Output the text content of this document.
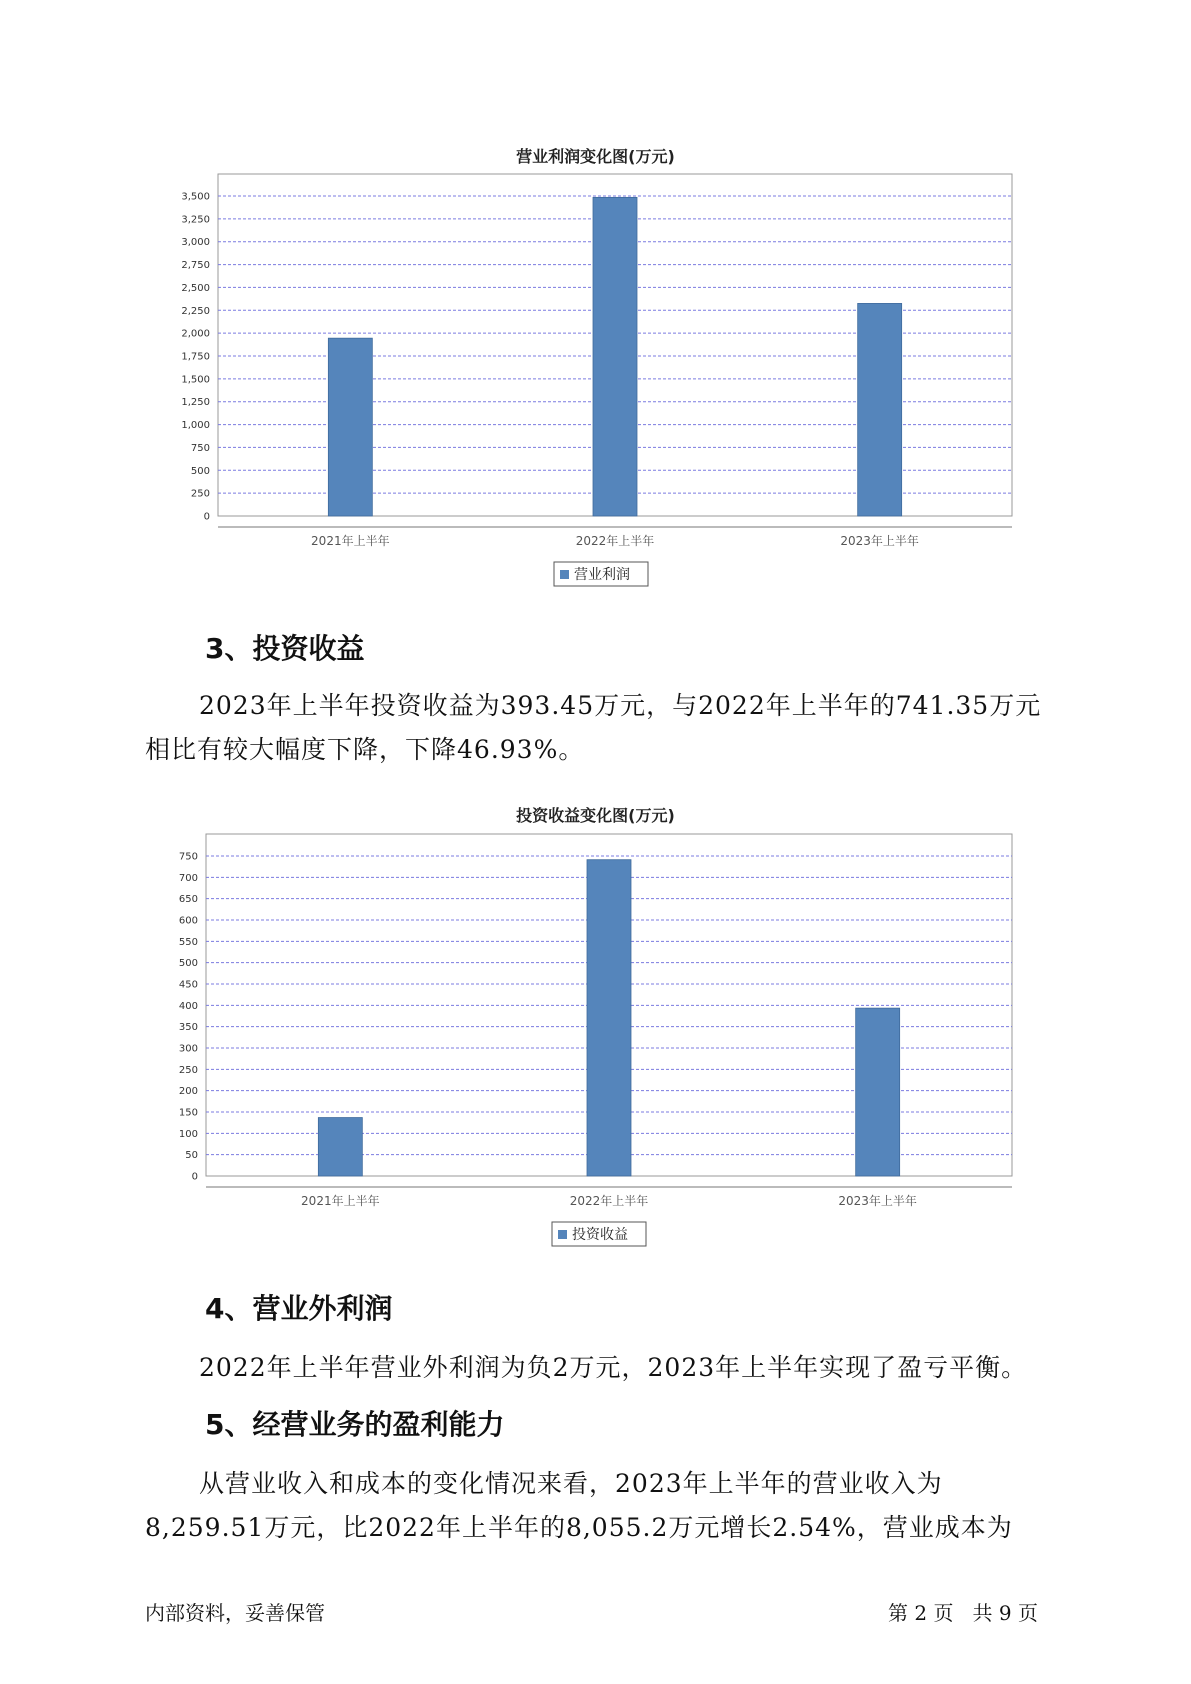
营业利润变化图(万元)
0
250
500
750
1,000
1,250
1,500
1,750
2,000
2,250
2,500
2,750
3,000
3,250
3,500
2021年上半年	2022年上半年	2023年上半年
营业利润
3、投资收益

2023年上半年投资收益为393.45万元，与2022年上半年的741.35万元

相比有较大幅度下降，下降46.93%。

投资收益变化图(万元)
0
50
100
150
200
250
300
350
400
450
500
550
600
650
700
750
2021年上半年	2022年上半年	2023年上半年
投资收益
4、营业外利润

2022年上半年营业外利润为负2万元，2023年上半年实现了盈亏平衡。

5、经营业务的盈利能力

从营业收入和成本的变化情况来看，2023年上半年的营业收入为

8,259.51万元，比2022年上半年的8,055.2万元增长2.54%，营业成本为

内部资料，妥善保管	第 2 页   共 9 页
